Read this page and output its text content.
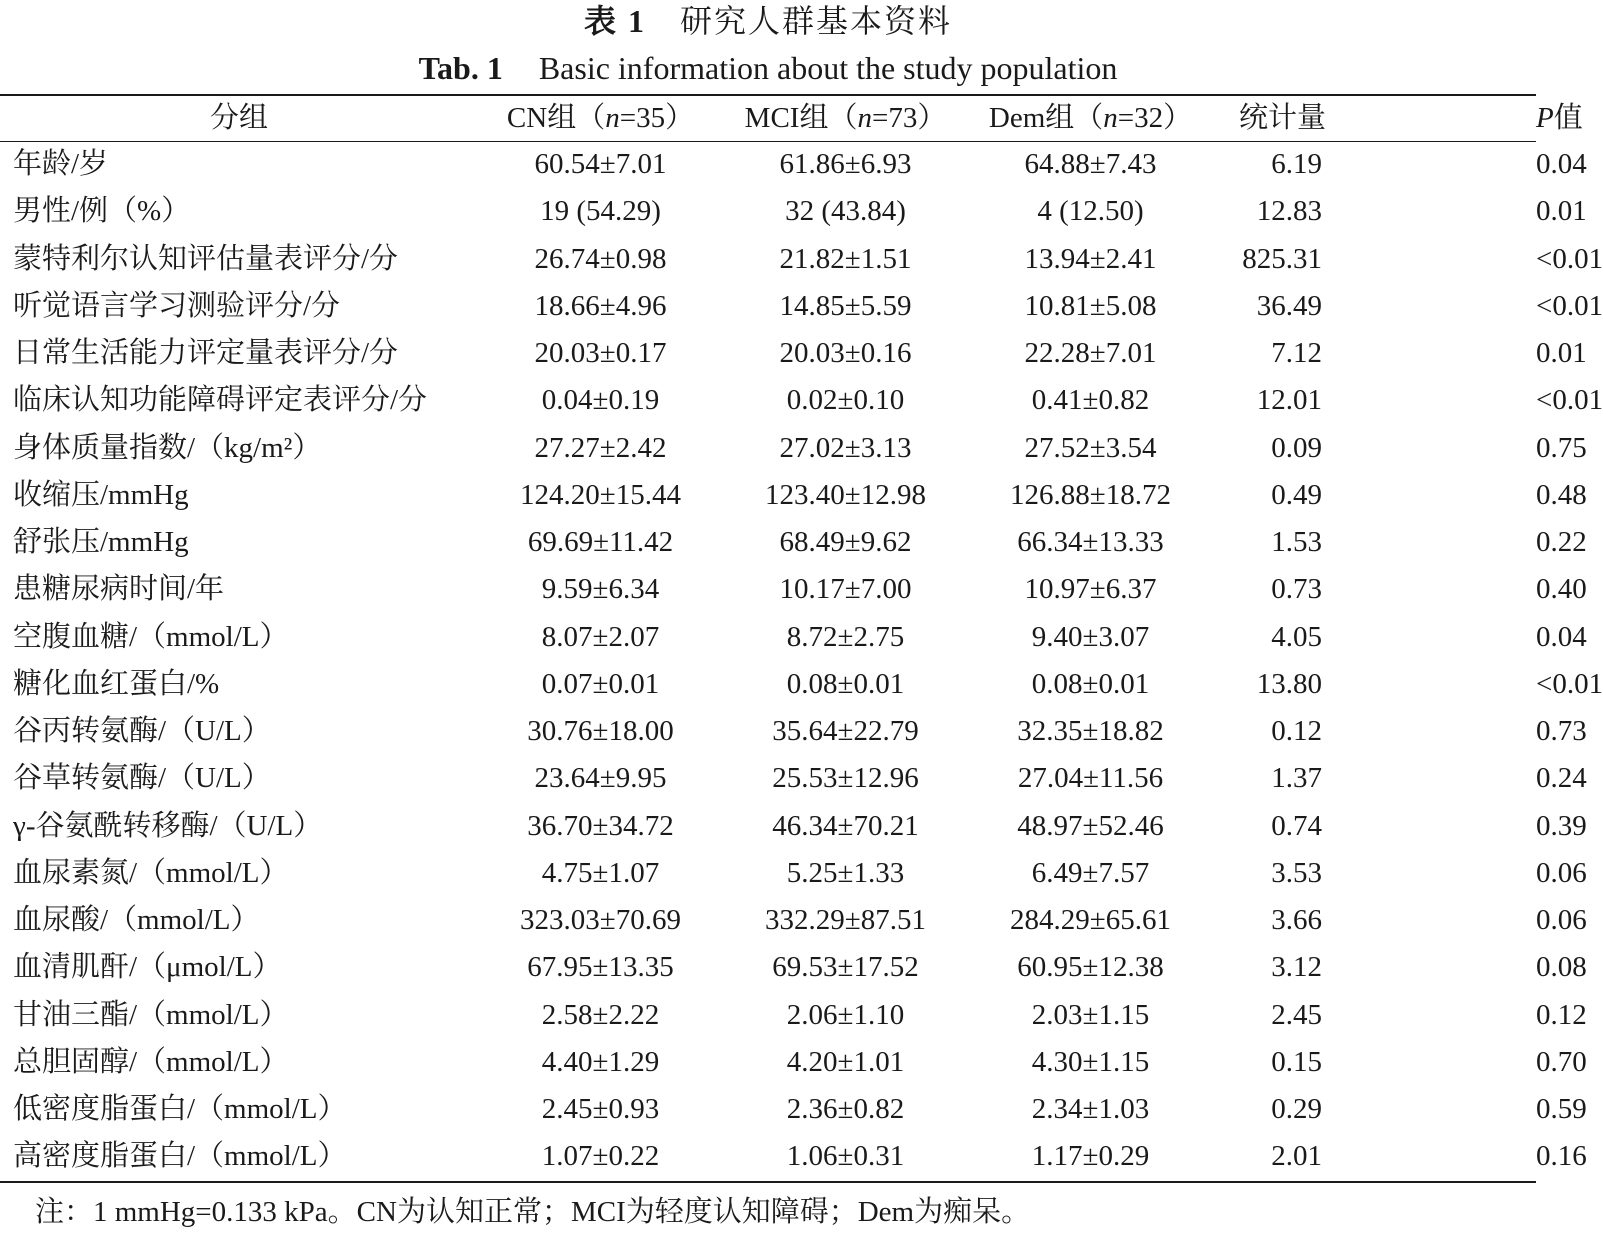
表 1 研究人群基本资料
Tab. 1 Basic information about the study population
分组	CN组（n=35）	MCI组（n=73）	Dem组（n=32）	统计量	P值
年龄/岁	60.54±7.01	61.86±6.93	64.88±7.43	6.19	0.04
男性/例（%）	19 (54.29)	32 (43.84)	4 (12.50)	12.83	0.01
蒙特利尔认知评估量表评分/分	26.74±0.98	21.82±1.51	13.94±2.41	825.31	<0.01
听觉语言学习测验评分/分	18.66±4.96	14.85±5.59	10.81±5.08	36.49	<0.01
日常生活能力评定量表评分/分	20.03±0.17	20.03±0.16	22.28±7.01	7.12	0.01
临床认知功能障碍评定表评分/分	0.04±0.19	0.02±0.10	0.41±0.82	12.01	<0.01
身体质量指数/（kg/m²）	27.27±2.42	27.02±3.13	27.52±3.54	0.09	0.75
收缩压/mmHg	124.20±15.44	123.40±12.98	126.88±18.72	0.49	0.48
舒张压/mmHg	69.69±11.42	68.49±9.62	66.34±13.33	1.53	0.22
患糖尿病时间/年	9.59±6.34	10.17±7.00	10.97±6.37	0.73	0.40
空腹血糖/（mmol/L）	8.07±2.07	8.72±2.75	9.40±3.07	4.05	0.04
糖化血红蛋白/%	0.07±0.01	0.08±0.01	0.08±0.01	13.80	<0.01
谷丙转氨酶/（U/L）	30.76±18.00	35.64±22.79	32.35±18.82	0.12	0.73
谷草转氨酶/（U/L）	23.64±9.95	25.53±12.96	27.04±11.56	1.37	0.24
γ-谷氨酰转移酶/（U/L）	36.70±34.72	46.34±70.21	48.97±52.46	0.74	0.39
血尿素氮/（mmol/L）	4.75±1.07	5.25±1.33	6.49±7.57	3.53	0.06
血尿酸/（mmol/L）	323.03±70.69	332.29±87.51	284.29±65.61	3.66	0.06
血清肌酐/（μmol/L）	67.95±13.35	69.53±17.52	60.95±12.38	3.12	0.08
甘油三酯/（mmol/L）	2.58±2.22	2.06±1.10	2.03±1.15	2.45	0.12
总胆固醇/（mmol/L）	4.40±1.29	4.20±1.01	4.30±1.15	0.15	0.70
低密度脂蛋白/（mmol/L）	2.45±0.93	2.36±0.82	2.34±1.03	0.29	0.59
高密度脂蛋白/（mmol/L）	1.07±0.22	1.06±0.31	1.17±0.29	2.01	0.16
注：1 mmHg=0.133 kPa。CN为认知正常；MCI为轻度认知障碍；Dem为痴呆。
